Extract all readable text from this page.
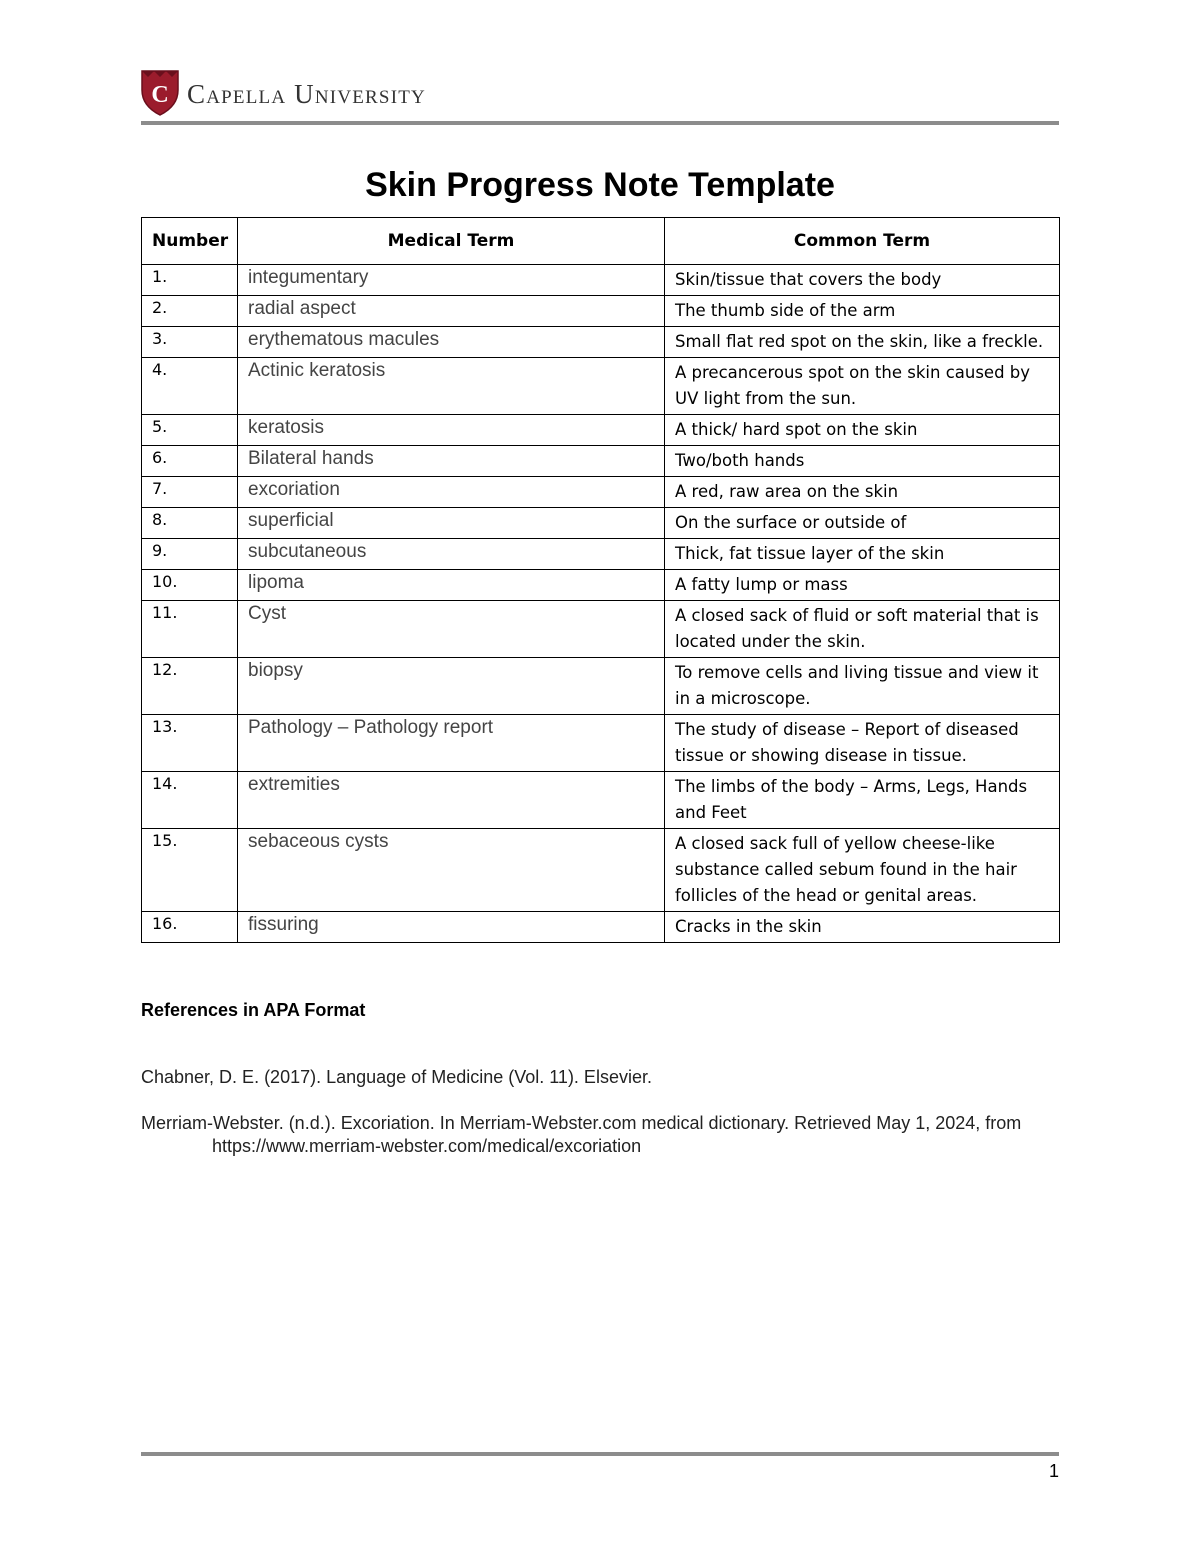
C Capella University
Skin Progress Note Template
Number	Medical Term	Common Term
1.	integumentary	Skin/tissue that covers the body
2.	radial aspect	The thumb side of the arm
3.	erythematous macules	Small flat red spot on the skin, like a freckle.
4.	Actinic keratosis	A precancerous spot on the skin caused by UV light from the sun.
5.	keratosis	A thick/ hard spot on the skin
6.	Bilateral hands	Two/both hands
7.	excoriation	A red, raw area on the skin
8.	superficial	On the surface or outside of
9.	subcutaneous	Thick, fat tissue layer of the skin
10.	lipoma	A fatty lump or mass
11.	Cyst	A closed sack of fluid or soft material that is located under the skin.
12.	biopsy	To remove cells and living tissue and view it in a microscope.
13.	Pathology – Pathology report	The study of disease – Report of diseased tissue or showing disease in tissue.
14.	extremities	The limbs of the body – Arms, Legs, Hands and Feet
15.	sebaceous cysts	A closed sack full of yellow cheese-like substance called sebum found in the hair follicles of the head or genital areas.
16.	fissuring	Cracks in the skin
References in APA Format

Chabner, D. E. (2017). Language of Medicine (Vol. 11). Elsevier.

Merriam-Webster. (n.d.). Excoriation. In Merriam-Webster.com medical dictionary. Retrieved May 1, 2024, from https://www.merriam-webster.com/medical/excoriation

1
